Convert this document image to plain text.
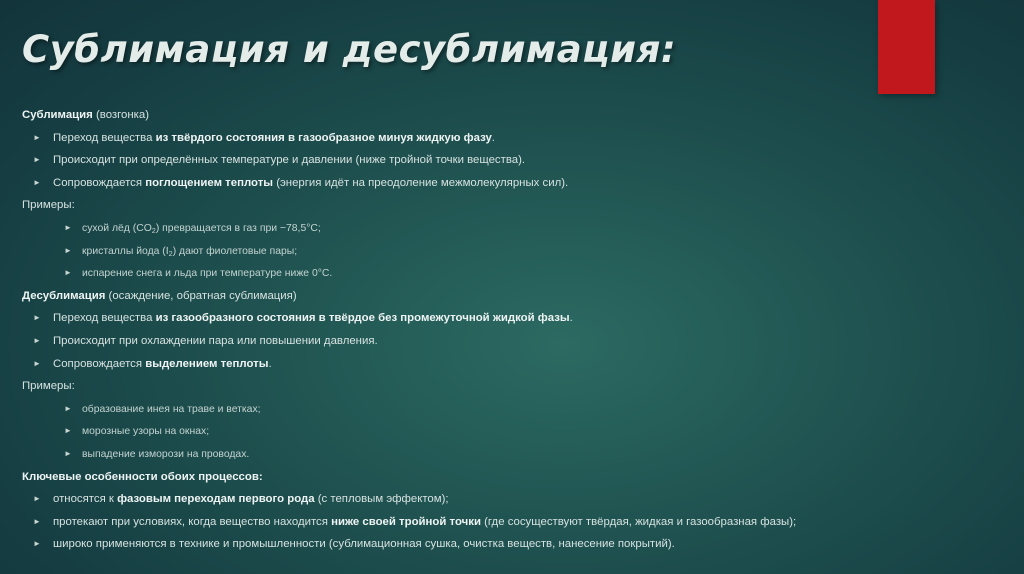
Сублимация и десублимация:
Сублимация (возгонка)
► Переход вещества из твёрдого состояния в газообразное минуя жидкую фазу.
► Происходит при определённых температуре и давлении (ниже тройной точки вещества).
► Сопровождается поглощением теплоты (энергия идёт на преодоление межмолекулярных сил).
Примеры:
► сухой лёд $(CO_2)$ превращается в газ при −78,5°C;
► кристаллы йода $(I_2)$ дают фиолетовые пары;
► испарение снега и льда при температуре ниже 0°C.
Десублимация (осаждение, обратная сублимация)
► Переход вещества из газообразного состояния в твёрдое без промежуточной жидкой фазы.
► Происходит при охлаждении пара или повышении давления.
► Сопровождается выделением теплоты.
Примеры:
► образование инея на траве и ветках;
► морозные узоры на окнах;
► выпадение изморози на проводах.
Ключевые особенности обоих процессов:
► относятся к фазовым переходам первого рода (с тепловым эффектом);
► протекают при условиях, когда вещество находится ниже своей тройной точки (где сосуществуют твёрдая, жидкая и газообразная фазы);
► широко применяются в технике и промышленности (сублимационная сушка, очистка веществ, нанесение покрытий).
